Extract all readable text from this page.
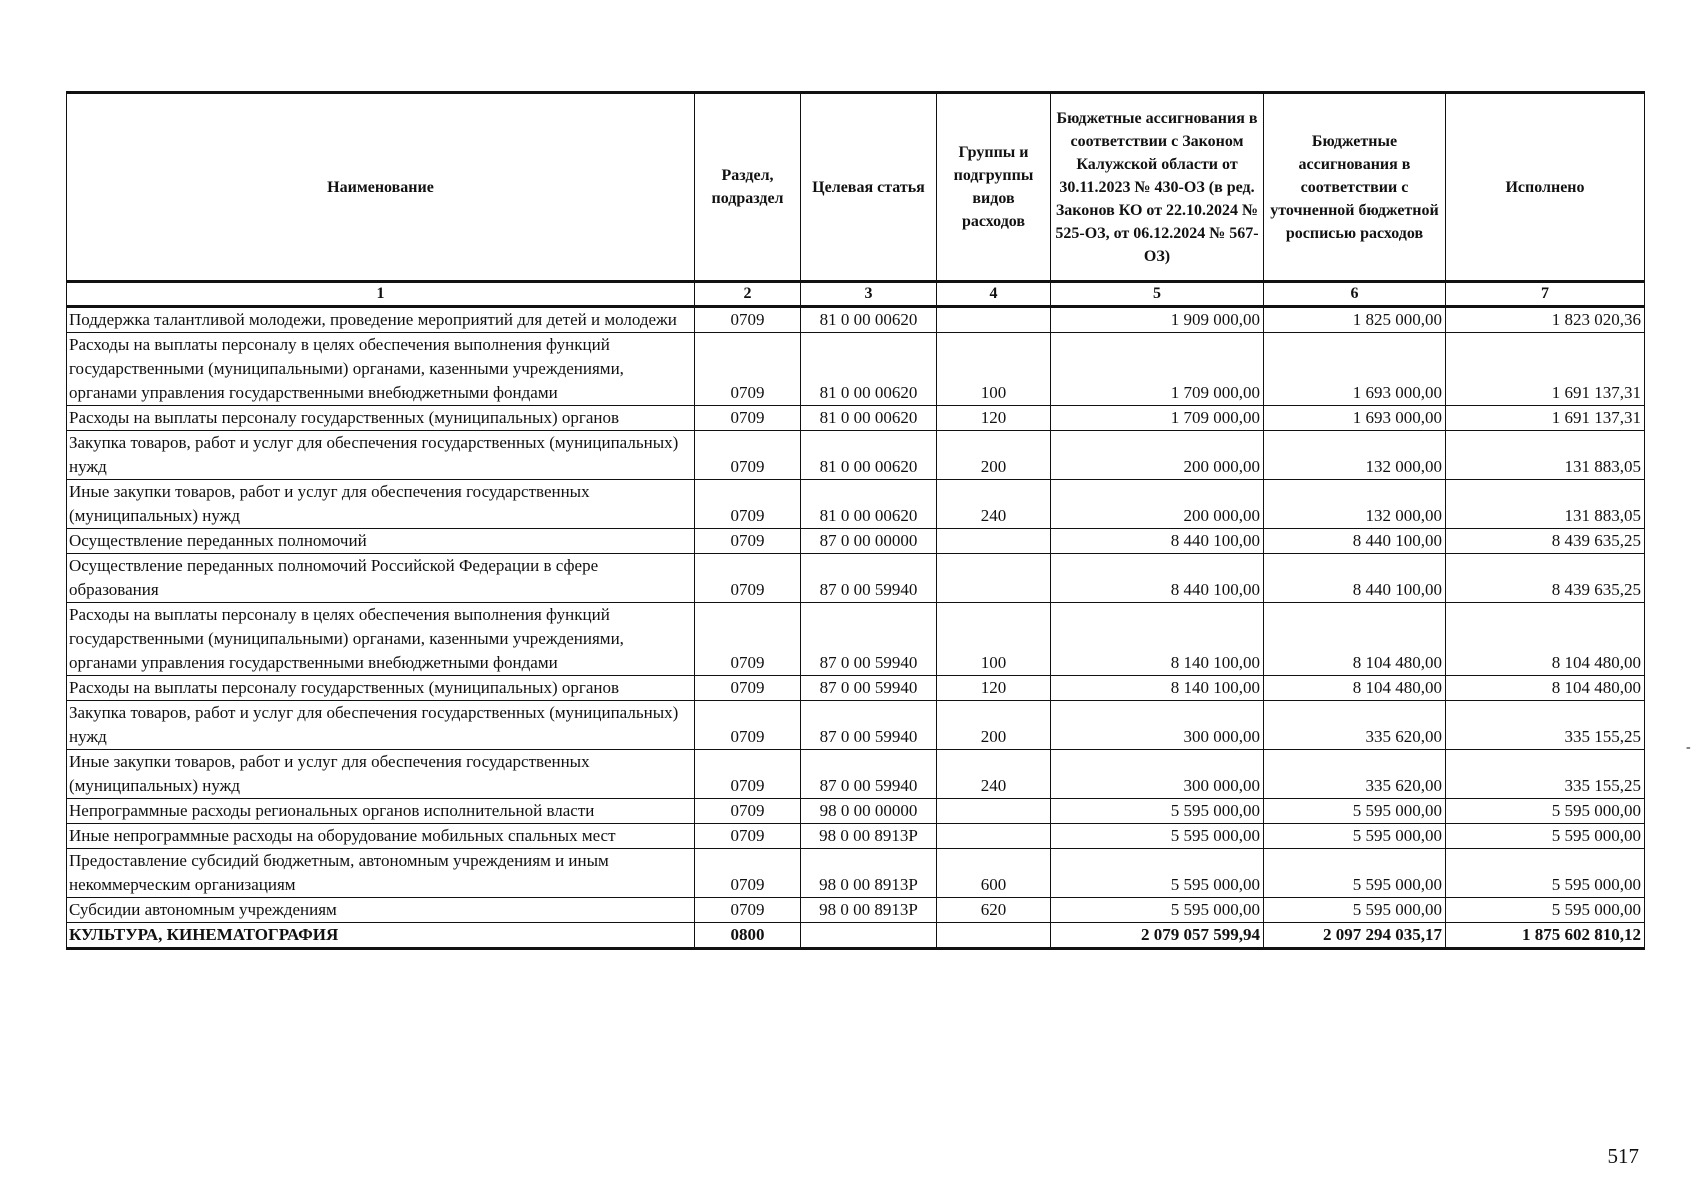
Наименование	Раздел, подраздел	Целевая статья	Группы и подгруппы видов расходов	Бюджетные ассигнования в соответствии с Законом Калужской области от 30.11.2023 № 430-ОЗ (в ред. Законов КО от 22.10.2024 № 525-ОЗ, от 06.12.2024 № 567-ОЗ)	Бюджетные ассигнования в соответствии с уточненной бюджетной росписью расходов	Исполнено
1	2	3	4	5	6	7
Поддержка талантливой молодежи, проведение мероприятий для детей и молодежи	0709	81 0 00 00620		1 909 000,00	1 825 000,00	1 823 020,36
Расходы на выплаты персоналу в целях обеспечения выполнения функций государственными (муниципальными) органами, казенными учреждениями, органами управления государственными внебюджетными фондами	0709	81 0 00 00620	100	1 709 000,00	1 693 000,00	1 691 137,31
Расходы на выплаты персоналу государственных (муниципальных) органов	0709	81 0 00 00620	120	1 709 000,00	1 693 000,00	1 691 137,31
Закупка товаров, работ и услуг для обеспечения государственных (муниципальных) нужд	0709	81 0 00 00620	200	200 000,00	132 000,00	131 883,05
Иные закупки товаров, работ и услуг для обеспечения государственных (муниципальных) нужд	0709	81 0 00 00620	240	200 000,00	132 000,00	131 883,05
Осуществление переданных полномочий	0709	87 0 00 00000		8 440 100,00	8 440 100,00	8 439 635,25
Осуществление переданных полномочий Российской Федерации в сфере образования	0709	87 0 00 59940		8 440 100,00	8 440 100,00	8 439 635,25
Расходы на выплаты персоналу в целях обеспечения выполнения функций государственными (муниципальными) органами, казенными учреждениями, органами управления государственными внебюджетными фондами	0709	87 0 00 59940	100	8 140 100,00	8 104 480,00	8 104 480,00
Расходы на выплаты персоналу государственных (муниципальных) органов	0709	87 0 00 59940	120	8 140 100,00	8 104 480,00	8 104 480,00
Закупка товаров, работ и услуг для обеспечения государственных (муниципальных) нужд	0709	87 0 00 59940	200	300 000,00	335 620,00	335 155,25
Иные закупки товаров, работ и услуг для обеспечения государственных (муниципальных) нужд	0709	87 0 00 59940	240	300 000,00	335 620,00	335 155,25
Непрограммные расходы региональных органов исполнительной власти	0709	98 0 00 00000		5 595 000,00	5 595 000,00	5 595 000,00
Иные непрограммные расходы на оборудование мобильных спальных мест	0709	98 0 00 8913Р		5 595 000,00	5 595 000,00	5 595 000,00
Предоставление субсидий бюджетным, автономным учреждениям и иным некоммерческим организациям	0709	98 0 00 8913Р	600	5 595 000,00	5 595 000,00	5 595 000,00
Субсидии автономным учреждениям	0709	98 0 00 8913Р	620	5 595 000,00	5 595 000,00	5 595 000,00
КУЛЬТУРА, КИНЕМАТОГРАФИЯ	0800			2 079 057 599,94	2 097 294 035,17	1 875 602 810,12
-
517
